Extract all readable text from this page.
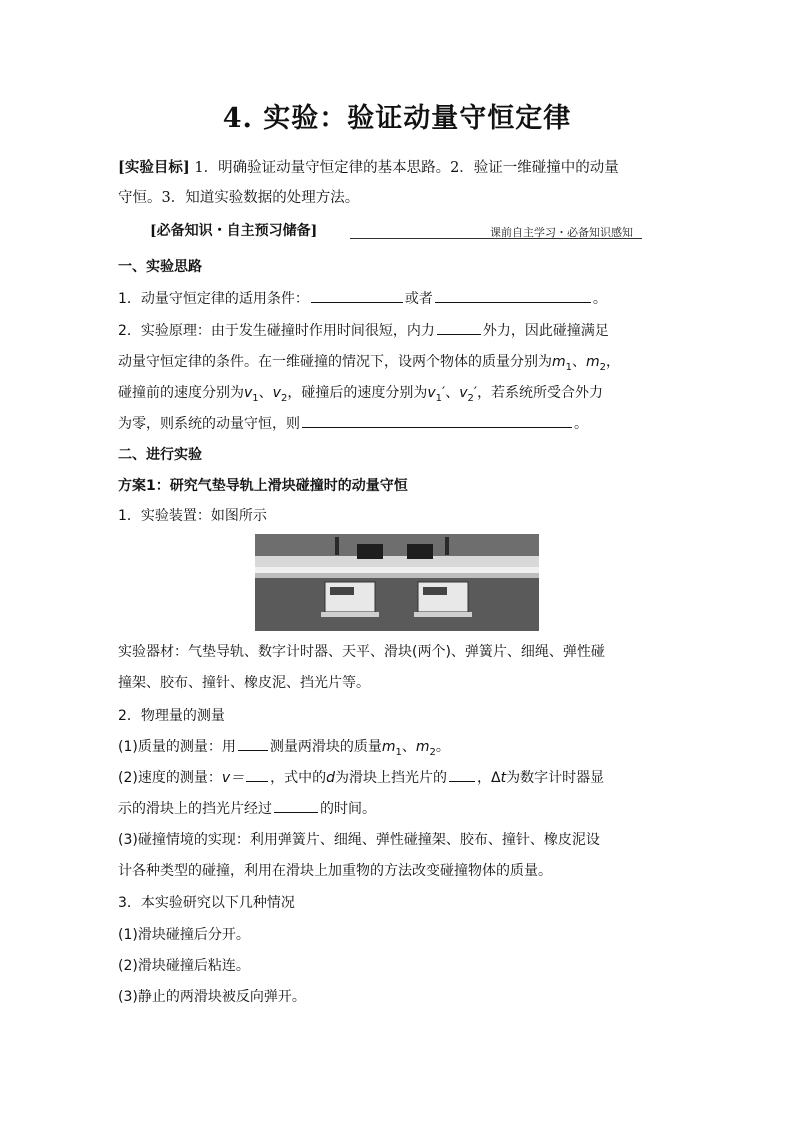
4. 实验：验证动量守恒定律
[实验目标] 1．明确验证动量守恒定律的基本思路。2．验证一维碰撞中的动量
守恒。3．知道实验数据的处理方法。
[必备知识・自主预习储备]	课前自主学习・必备知识感知
一、实验思路
1．动量守恒定律的适用条件：	或者	。
2．实验原理：由于发生碰撞时作用时间很短，内力	外力，因此碰撞满足
动量守恒定律的条件。在一维碰撞的情况下，设两个物体的质量分别为$m_1$、$m_2$，
碰撞前的速度分别为$v_1$、$v_2$，碰撞后的速度分别为$v_1'$、$v_2'$，若系统所受合外力
为零，则系统的动量守恒，则	。
二、进行实验
方案1：研究气垫导轨上滑块碰撞时的动量守恒
1．实验装置：如图所示
实验器材：气垫导轨、数字计时器、天平、滑块(两个)、弹簧片、细绳、弹性碰
撞架、胶布、撞针、橡皮泥、挡光片等。
2．物理量的测量
(1)质量的测量：用 测量两滑块的质量$m_1$、$m_2$。
(2)速度的测量：v＝ ，式中的d为滑块上挡光片的 ，Δt为数字计时器显
示的滑块上的挡光片经过	的时间。
(3)碰撞情境的实现：利用弹簧片、细绳、弹性碰撞架、胶布、撞针、橡皮泥设
计各种类型的碰撞，利用在滑块上加重物的方法改变碰撞物体的质量。
3．本实验研究以下几种情况
(1)滑块碰撞后分开。
(2)滑块碰撞后粘连。
(3)静止的两滑块被反向弹开。
